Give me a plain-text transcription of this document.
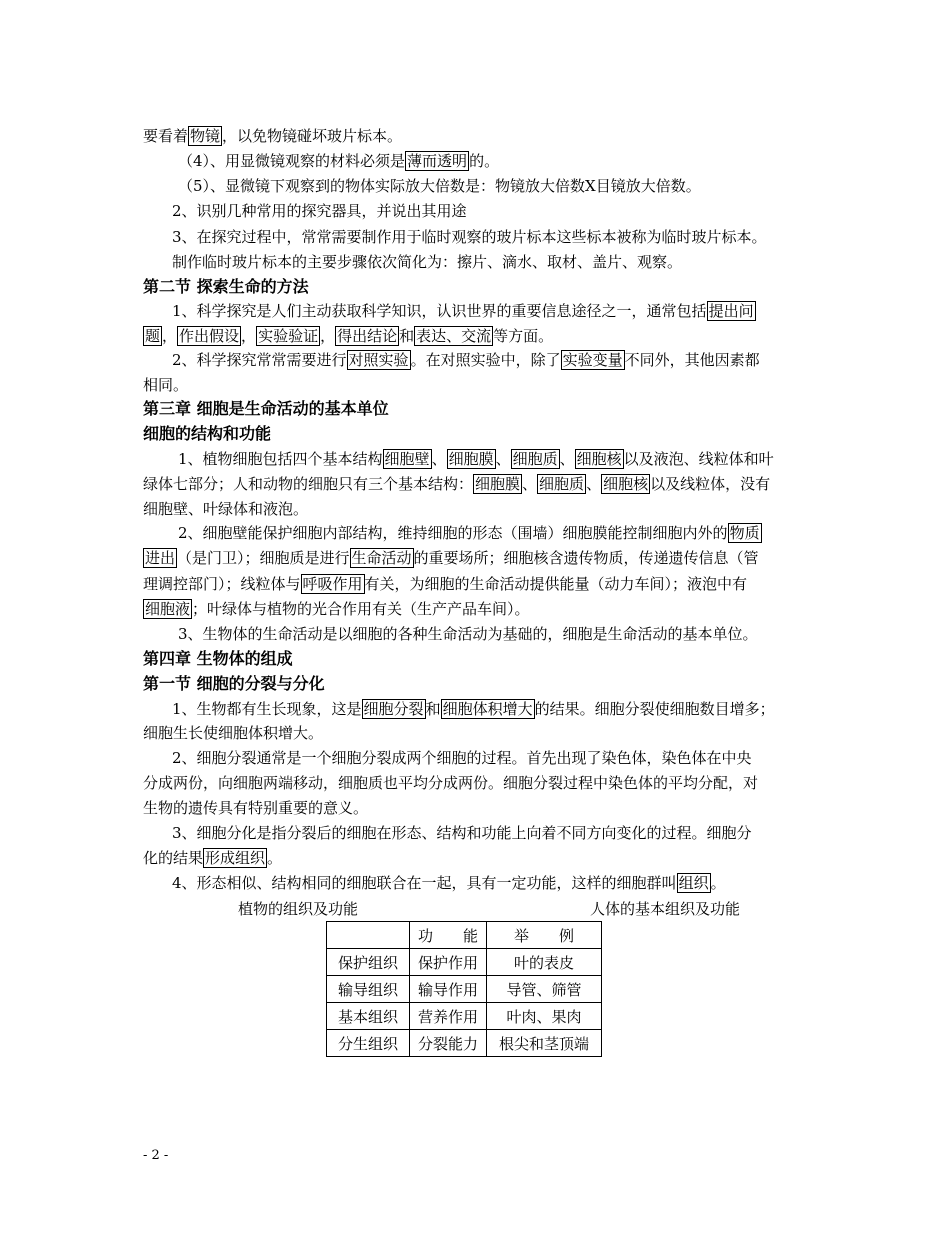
要看着 物镜 ，以免物镜碰坏玻片标本。
（4）、用显微镜观察的材料必须是 薄而透明 的。
（5）、显微镜下观察到的物体实际放大倍数是：物镜放大倍数X目镜放大倍数。
2、识别几种常用的探究器具，并说出其用途
3、在探究过程中，常常需要制作用于临时观察的玻片标本这些标本被称为临时玻片标本。
制作临时玻片标本的主要步骤依次简化为：擦片、滴水、取材、盖片、观察。
第二节 探索生命的方法
1、科学探究是人们主动获取科学知识，认识世界的重要信息途径之一，通常包括 提出问
题 ， 作出假设 ， 实验验证 ， 得出结论 和 表达、交流 等方面。
2、科学探究常常需要进行 对照实验 。在对照实验中，除了 实验变量 不同外，其他因素都
相同。
第三章 细胞是生命活动的基本单位
细胞的结构和功能
1、植物细胞包括四个基本结构 细胞壁 、 细胞膜 、 细胞质 、 细胞核 以及液泡、线粒体和叶
绿体七部分；人和动物的细胞只有三个基本结构： 细胞膜 、 细胞质 、 细胞核 以及线粒体，没有
细胞壁、叶绿体和液泡。
2、细胞壁能保护细胞内部结构，维持细胞的形态（围墙）细胞膜能控制细胞内外的 物质
进出 （是门卫）；细胞质是进行 生命活动 的重要场所；细胞核含遗传物质，传递遗传信息（管
理调控部门）；线粒体与 呼吸作用 有关，为细胞的生命活动提供能量（动力车间）；液泡中有
细胞液 ；叶绿体与植物的光合作用有关（生产产品车间）。
3、生物体的生命活动是以细胞的各种生命活动为基础的，细胞是生命活动的基本单位。
第四章 生物体的组成
第一节 细胞的分裂与分化
1、生物都有生长现象，这是 细胞分裂 和 细胞体积增大 的结果。细胞分裂使细胞数目增多；
细胞生长使细胞体积增大。
2、细胞分裂通常是一个细胞分裂成两个细胞的过程。首先出现了染色体，染色体在中央
分成两份，向细胞两端移动，细胞质也平均分成两份。细胞分裂过程中染色体的平均分配，对
生物的遗传具有特别重要的意义。
3、细胞分化是指分裂后的细胞在形态、结构和功能上向着不同方向变化的过程。细胞分
化的结果 形成组织 。
4、形态相似、结构相同的细胞联合在一起，具有一定功能，这样的细胞群叫 组织 。
植物的组织及功能	人体的基本组织及功能
	功　　能	举　　例
保护组织	保护作用	叶的表皮
输导组织	输导作用	导管、筛管
基本组织	营养作用	叶肉、果肉
分生组织	分裂能力	根尖和茎顶端
- 2 -
